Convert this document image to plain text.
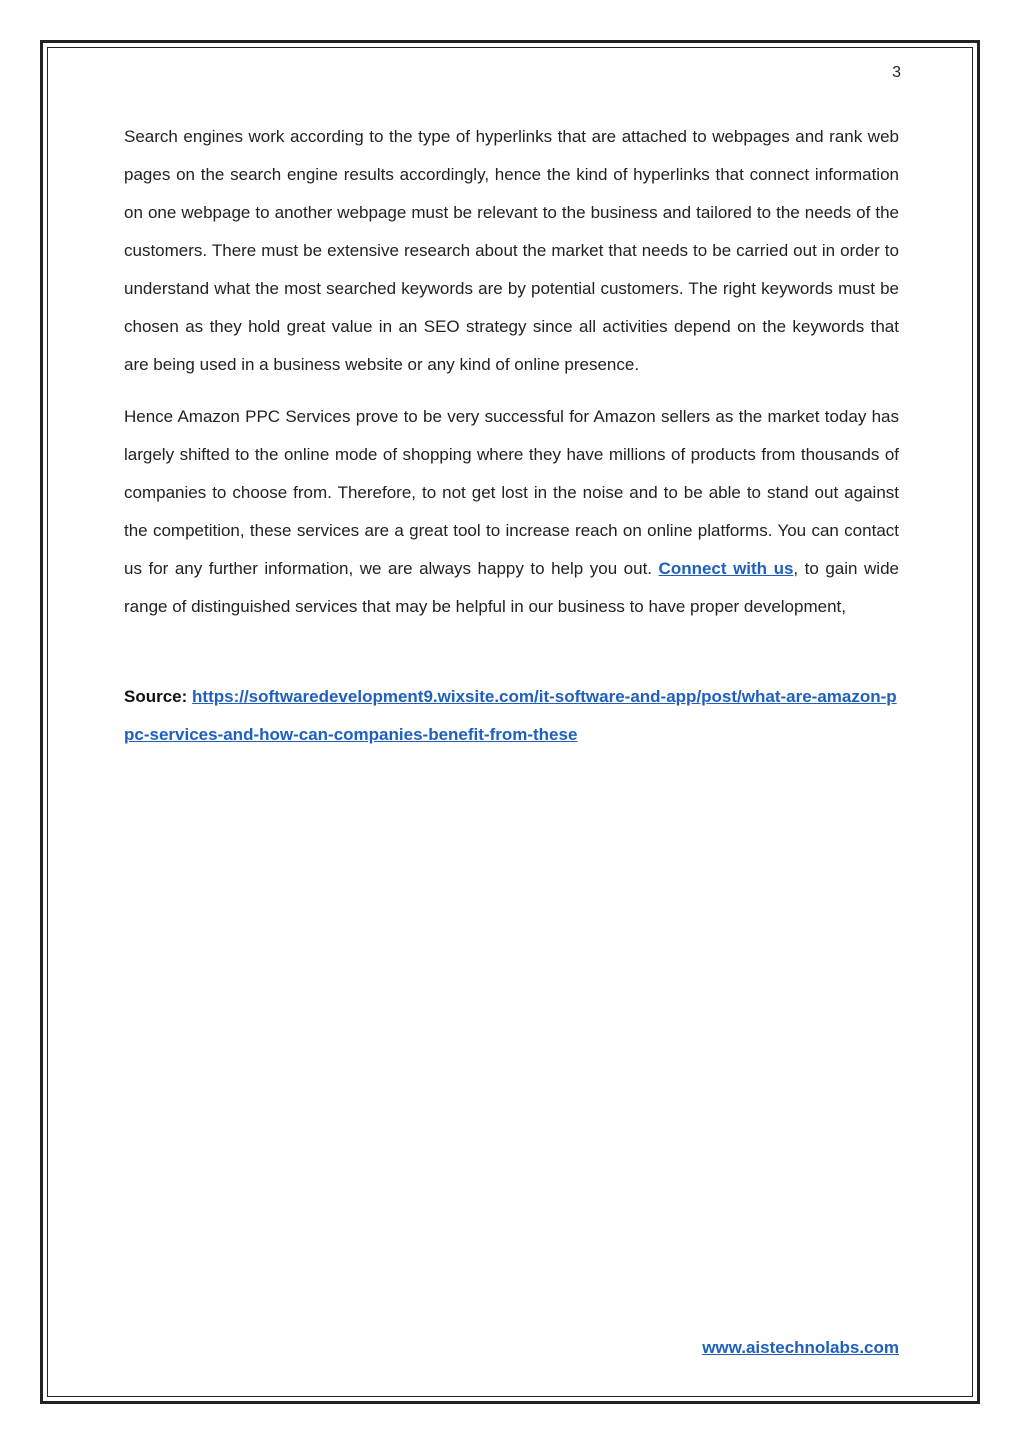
3

Search engines work according to the type of hyperlinks that are attached to webpages and rank web pages on the search engine results accordingly, hence the kind of hyperlinks that connect information on one webpage to another webpage must be relevant to the business and tailored to the needs of the customers. There must be extensive research about the market that needs to be carried out in order to understand what the most searched keywords are by potential customers. The right keywords must be chosen as they hold great value in an SEO strategy since all activities depend on the keywords that are being used in a business website or any kind of online presence.

Hence Amazon PPC Services prove to be very successful for Amazon sellers as the market today has largely shifted to the online mode of shopping where they have millions of products from thousands of companies to choose from. Therefore, to not get lost in the noise and to be able to stand out against the competition, these services are a great tool to increase reach on online platforms. You can contact us for any further information, we are always happy to help you out. Connect with us, to gain wide range of distinguished services that may be helpful in our business to have proper development,

Source: https://softwaredevelopment9.wixsite.com/it-software-and-app/post/what-are-amazon-ppc-services-and-how-can-companies-benefit-from-these
www.aistechnolabs.com
